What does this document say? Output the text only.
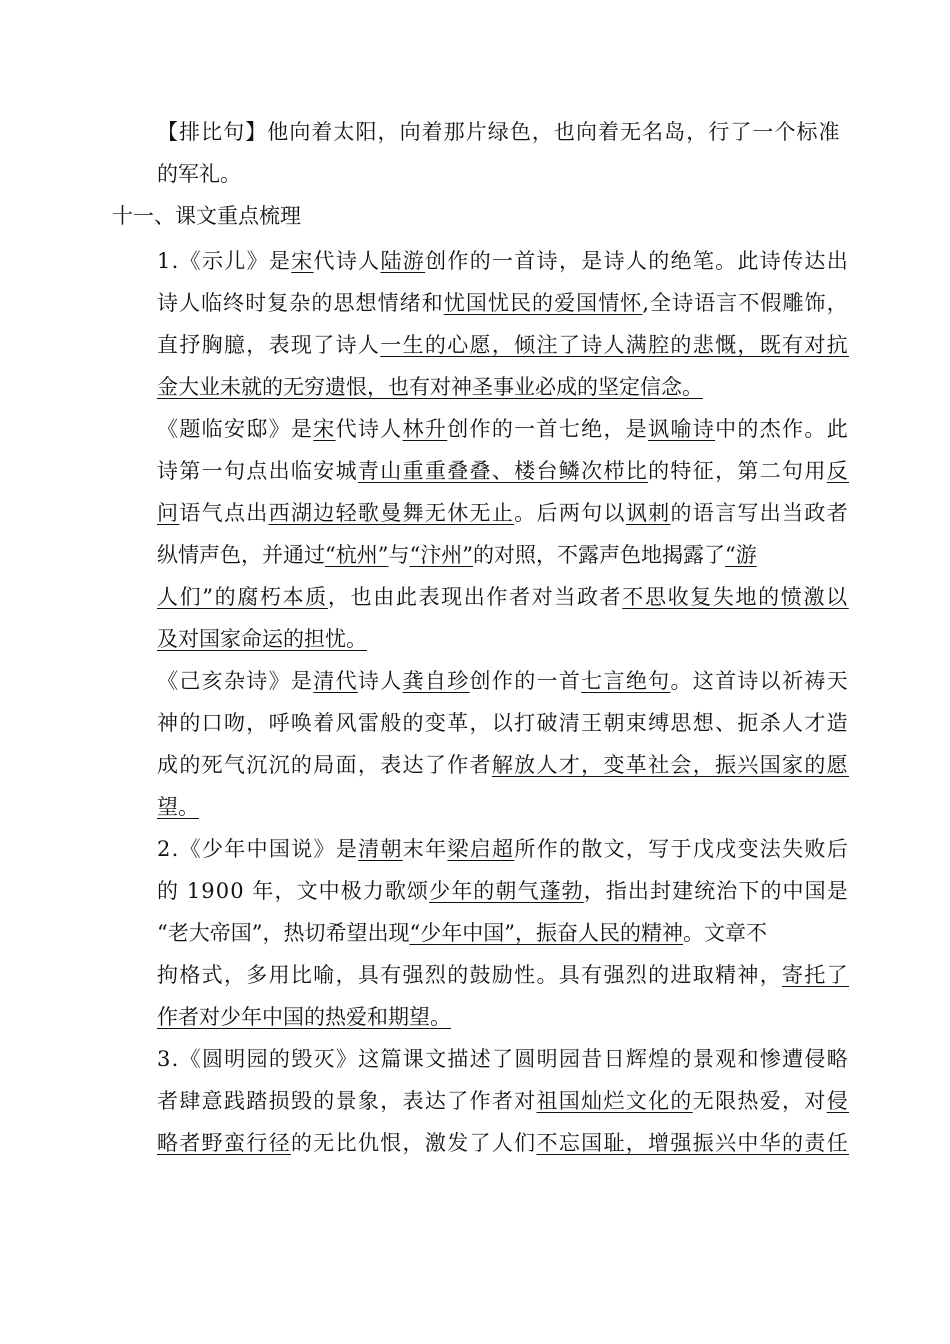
【排比句】他向着太阳，向着那片绿色，也向着无名岛，行了一个标准
的军礼。
十一、课文重点梳理
1.《示儿》是宋代诗人陆游创作的一首诗，是诗人的绝笔。此诗传达出
诗人临终时复杂的思想情绪和忧国忧民的爱国情怀,全诗语言不假雕饰，
直抒胸臆，表现了诗人一生的心愿，倾注了诗人满腔的悲慨，既有对抗
金大业未就的无穷遗恨，也有对神圣事业必成的坚定信念。
《题临安邸》是宋代诗人林升创作的一首七绝，是讽喻诗中的杰作。此
诗第一句点出临安城青山重重叠叠、楼台鳞次栉比的特征，第二句用反
问语气点出西湖边轻歌曼舞无休无止。后两句以讽刺的语言写出当政者
纵情声色，并通过“杭州”与“汴州”的对照，不露声色地揭露了“游
人们”的腐朽本质，也由此表现出作者对当政者不思收复失地的愤激以
及对国家命运的担忧。
《己亥杂诗》是清代诗人龚自珍创作的一首七言绝句。这首诗以祈祷天
神的口吻，呼唤着风雷般的变革，以打破清王朝束缚思想、扼杀人才造
成的死气沉沉的局面，表达了作者解放人才，变革社会，振兴国家的愿
望。
2.《少年中国说》是清朝末年梁启超所作的散文，写于戊戌变法失败后
的 1900 年，文中极力歌颂少年的朝气蓬勃，指出封建统治下的中国是
“老大帝国”，热切希望出现“少年中国”，振奋人民的精神。文章不
拘格式，多用比喻，具有强烈的鼓励性。具有强烈的进取精神，寄托了
作者对少年中国的热爱和期望。
3.《圆明园的毁灭》这篇课文描述了圆明园昔日辉煌的景观和惨遭侵略
者肆意践踏损毁的景象，表达了作者对祖国灿烂文化的无限热爱，对侵
略者野蛮行径的无比仇恨，激发了人们不忘国耻，增强振兴中华的责任
